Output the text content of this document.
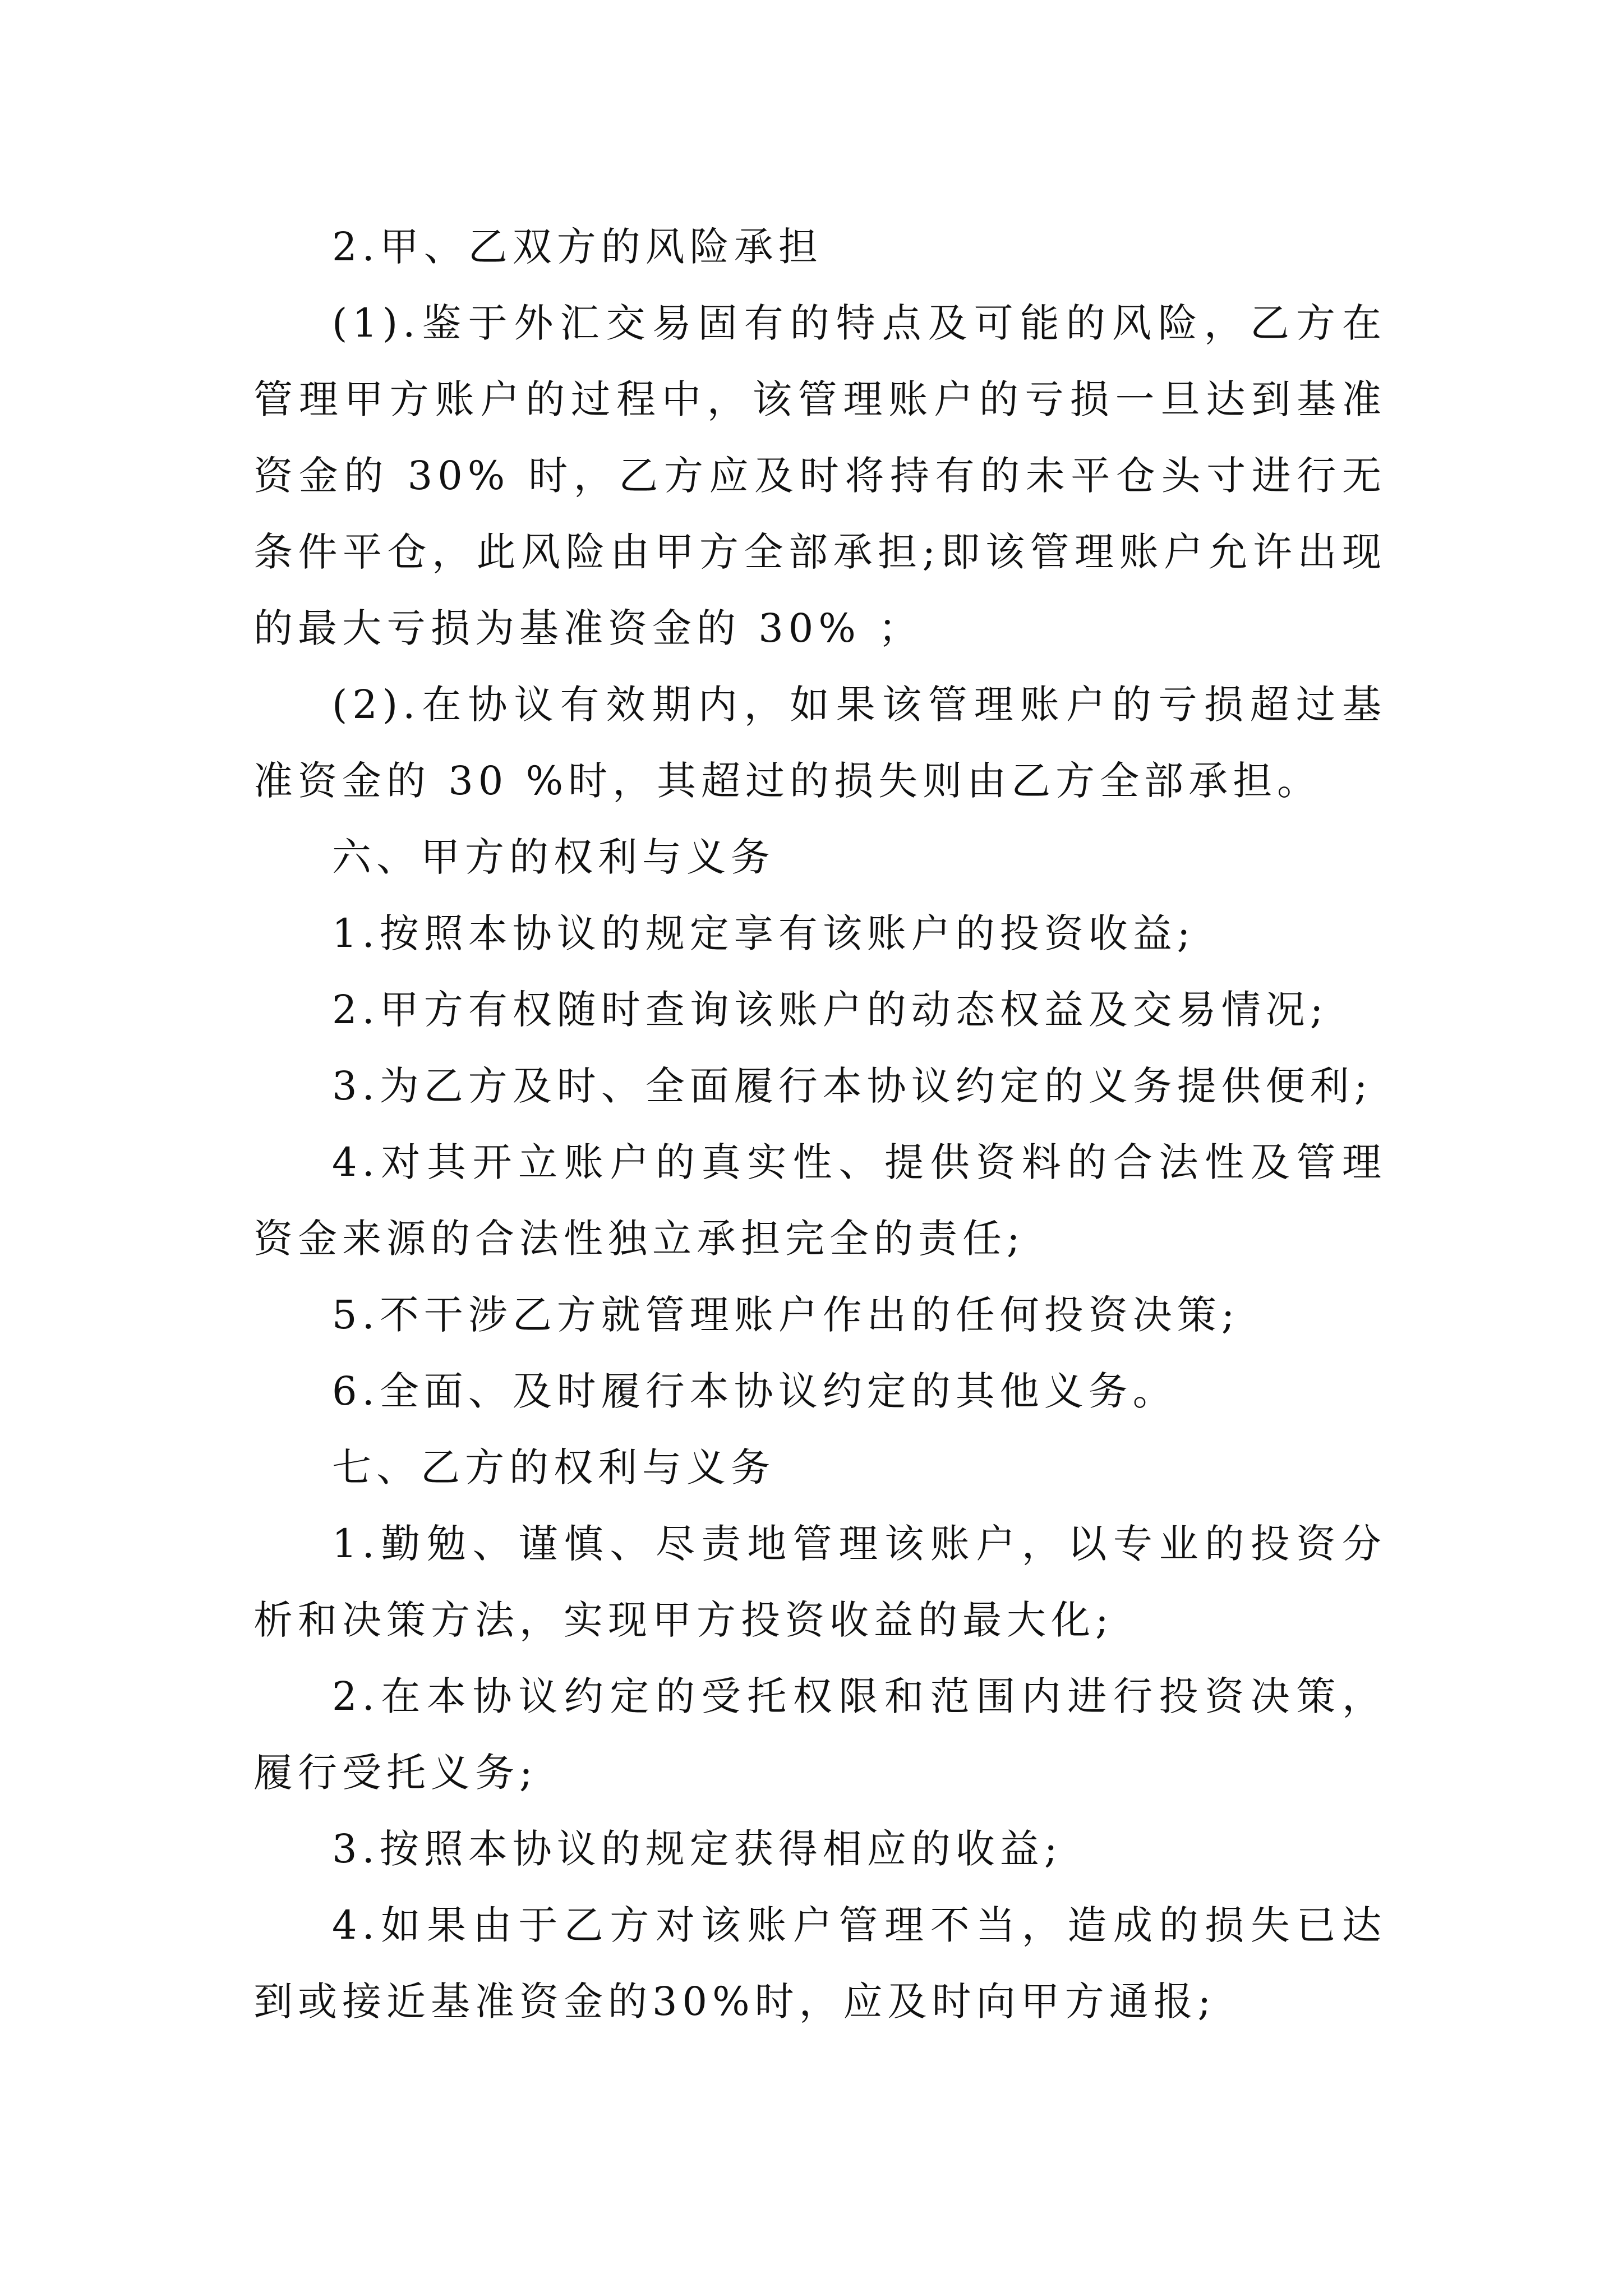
2.甲、乙双方的风险承担

(1).鉴于外汇交易固有的特点及可能的风险，乙方在管理甲方账户的过程中，该管理账户的亏损一旦达到基准资金的 30% 时，乙方应及时将持有的未平仓头寸进行无条件平仓，此风险由甲方全部承担;即该管理账户允许出现的最大亏损为基准资金的 30% ；

(2).在协议有效期内，如果该管理账户的亏损超过基准资金的 30 %时，其超过的损失则由乙方全部承担。

六、甲方的权利与义务

1.按照本协议的规定享有该账户的投资收益;

2.甲方有权随时查询该账户的动态权益及交易情况;

3.为乙方及时、全面履行本协议约定的义务提供便利;

4.对其开立账户的真实性、提供资料的合法性及管理资金来源的合法性独立承担完全的责任;

5.不干涉乙方就管理账户作出的任何投资决策;

6.全面、及时履行本协议约定的其他义务。

七、乙方的权利与义务

1.勤勉、谨慎、尽责地管理该账户，以专业的投资分析和决策方法，实现甲方投资收益的最大化;

2.在本协议约定的受托权限和范围内进行投资决策，履行受托义务;

3.按照本协议的规定获得相应的收益;

4.如果由于乙方对该账户管理不当，造成的损失已达到或接近基准资金的30%时，应及时向甲方通报;
